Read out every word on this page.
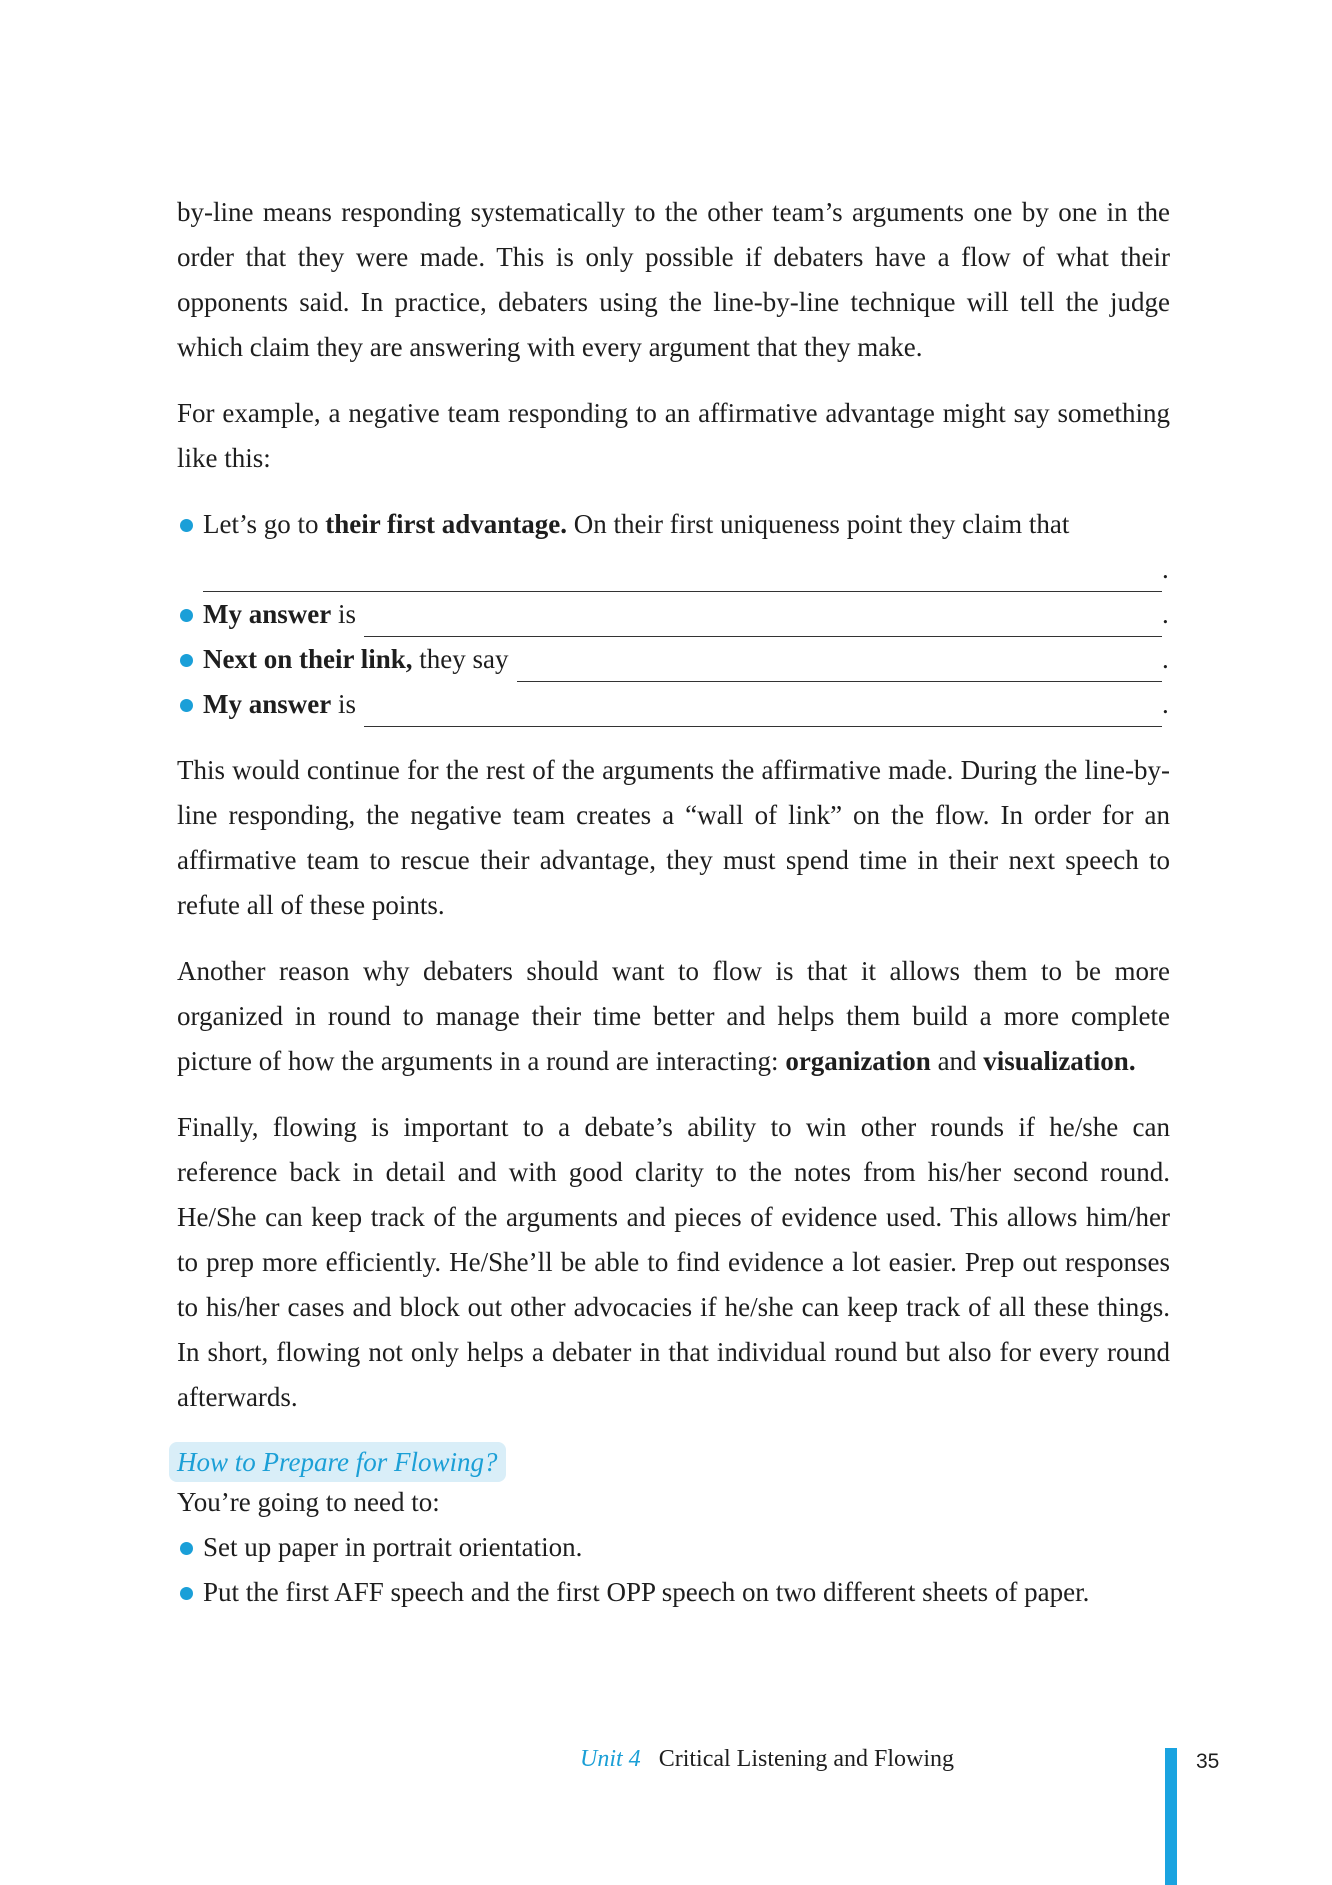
by-line means responding systematically to the other team’s arguments one by one in the order that they were made. This is only possible if debaters have a flow of what their opponents said. In practice, debaters using the line-by-line technique will tell the judge which claim they are answering with every argument that they make.

For example, a negative team responding to an affirmative advantage might say something like this:

Let’s go to their first advantage. On their first uniqueness point they claim that
.
My answer is	.
Next on their link, they say	.
My answer is	.

This would continue for the rest of the arguments the affirmative made. During the line-by-line responding, the negative team creates a “wall of link” on the flow. In order for an affirmative team to rescue their advantage, they must spend time in their next speech to refute all of these points.

Another reason why debaters should want to flow is that it allows them to be more organized in round to manage their time better and helps them build a more complete picture of how the arguments in a round are interacting: organization and visualization.

Finally, flowing is important to a debate’s ability to win other rounds if he/she can reference back in detail and with good clarity to the notes from his/her second round. He/She can keep track of the arguments and pieces of evidence used. This allows him/her to prep more efficiently. He/She’ll be able to find evidence a lot easier. Prep out responses to his/her cases and block out other advocacies if he/she can keep track of all these things. In short, flowing not only helps a debater in that individual round but also for every round afterwards.

How to Prepare for Flowing?

You’re going to need to:

Set up paper in portrait orientation.
Put the first AFF speech and the first OPP speech on two different sheets of paper.
Unit 4 Critical Listening and Flowing	35
